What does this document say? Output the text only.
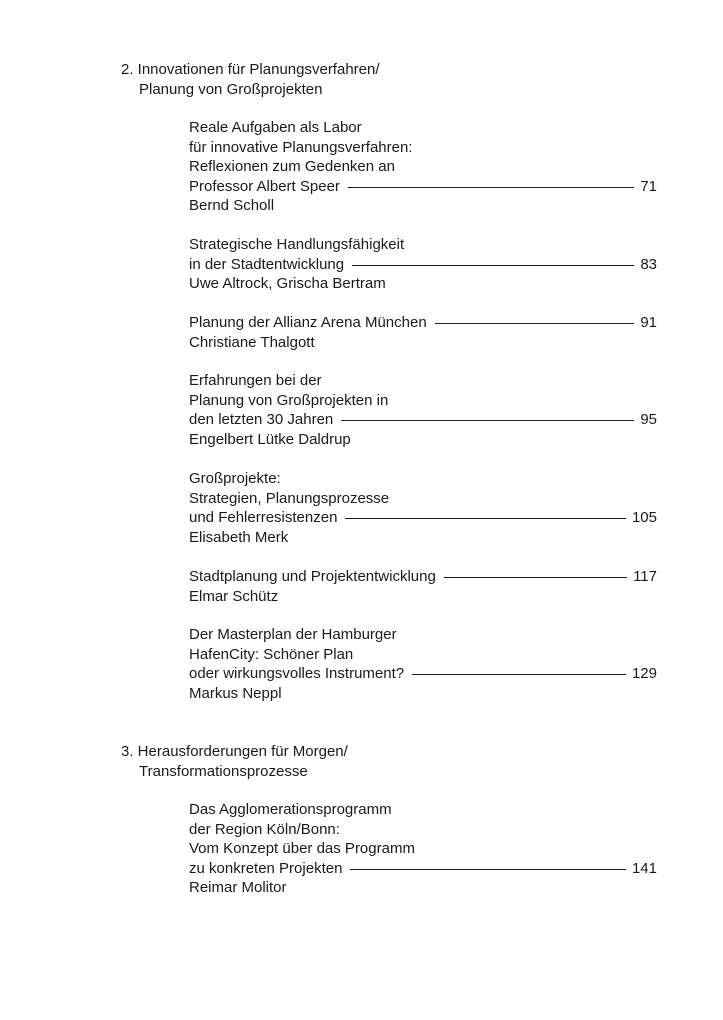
2. Innovationen für Planungsverfahren/
Planung von Großprojekten
Reale Aufgaben als Labor
für innovative Planungsverfahren:
Reflexionen zum Gedenken an
Professor Albert Speer	71
Bernd Scholl
Strategische Handlungsfähigkeit
in der Stadtentwicklung	83
Uwe Altrock, Grischa Bertram
Planung der Allianz Arena München	91
Christiane Thalgott
Erfahrungen bei der
Planung von Großprojekten in
den letzten 30 Jahren	95
Engelbert Lütke Daldrup
Großprojekte:
Strategien, Planungsprozesse
und Fehlerresistenzen	105
Elisabeth Merk
Stadtplanung und Projektentwicklung	117
Elmar Schütz
Der Masterplan der Hamburger
HafenCity: Schöner Plan
oder wirkungsvolles Instrument?	129
Markus Neppl
3. Herausforderungen für Morgen/
Transformationsprozesse
Das Agglomerationsprogramm
der Region Köln/Bonn:
Vom Konzept über das Programm
zu konkreten Projekten	141
Reimar Molitor
